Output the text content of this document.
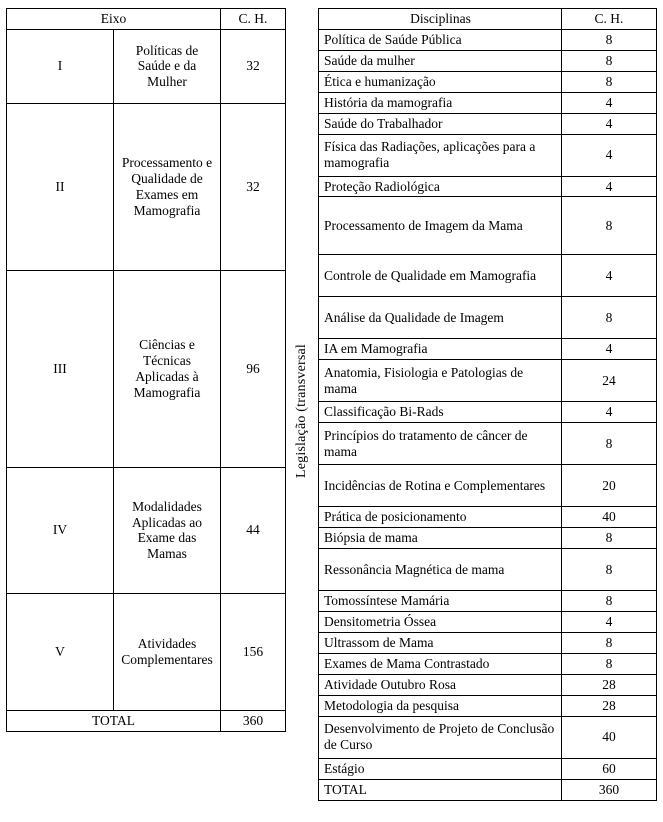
Eixo		C. H.
I	Políticas de Saúde e da Mulher	32
II	Processamento e Qualidade de Exames em Mamografia	32
III	Ciências e Técnicas Aplicadas à Mamografia	96
IV	Modalidades Aplicadas ao Exame das Mamas	44
V	Atividades Complementares	156
TOTAL		360
Legislação (transversal
Disciplinas	C. H.
Política de Saúde Pública	8
Saúde da mulher	8
Ética e humanização	8
História da mamografia	4
Saúde do Trabalhador	4
Física das Radiações, aplicações para a mamografia	4
Proteção Radiológica	4
Processamento de Imagem da Mama	8
Controle de Qualidade em Mamografia	4
Análise da Qualidade de Imagem	8
IA em Mamografia	4
Anatomia, Fisiologia e Patologias de mama	24
Classificação Bi-Rads	4
Princípios do tratamento de câncer de mama	8
Incidências de Rotina e Complementares	20
Prática de posicionamento	40
Biópsia de mama	8
Ressonância Magnética de mama	8
Tomossíntese Mamária	8
Densitometria Óssea	4
Ultrassom de Mama	8
Exames de Mama Contrastado	8
Atividade Outubro Rosa	28
Metodologia da pesquisa	28
Desenvolvimento de Projeto de Conclusão de Curso	40
Estágio	60
TOTAL	360
